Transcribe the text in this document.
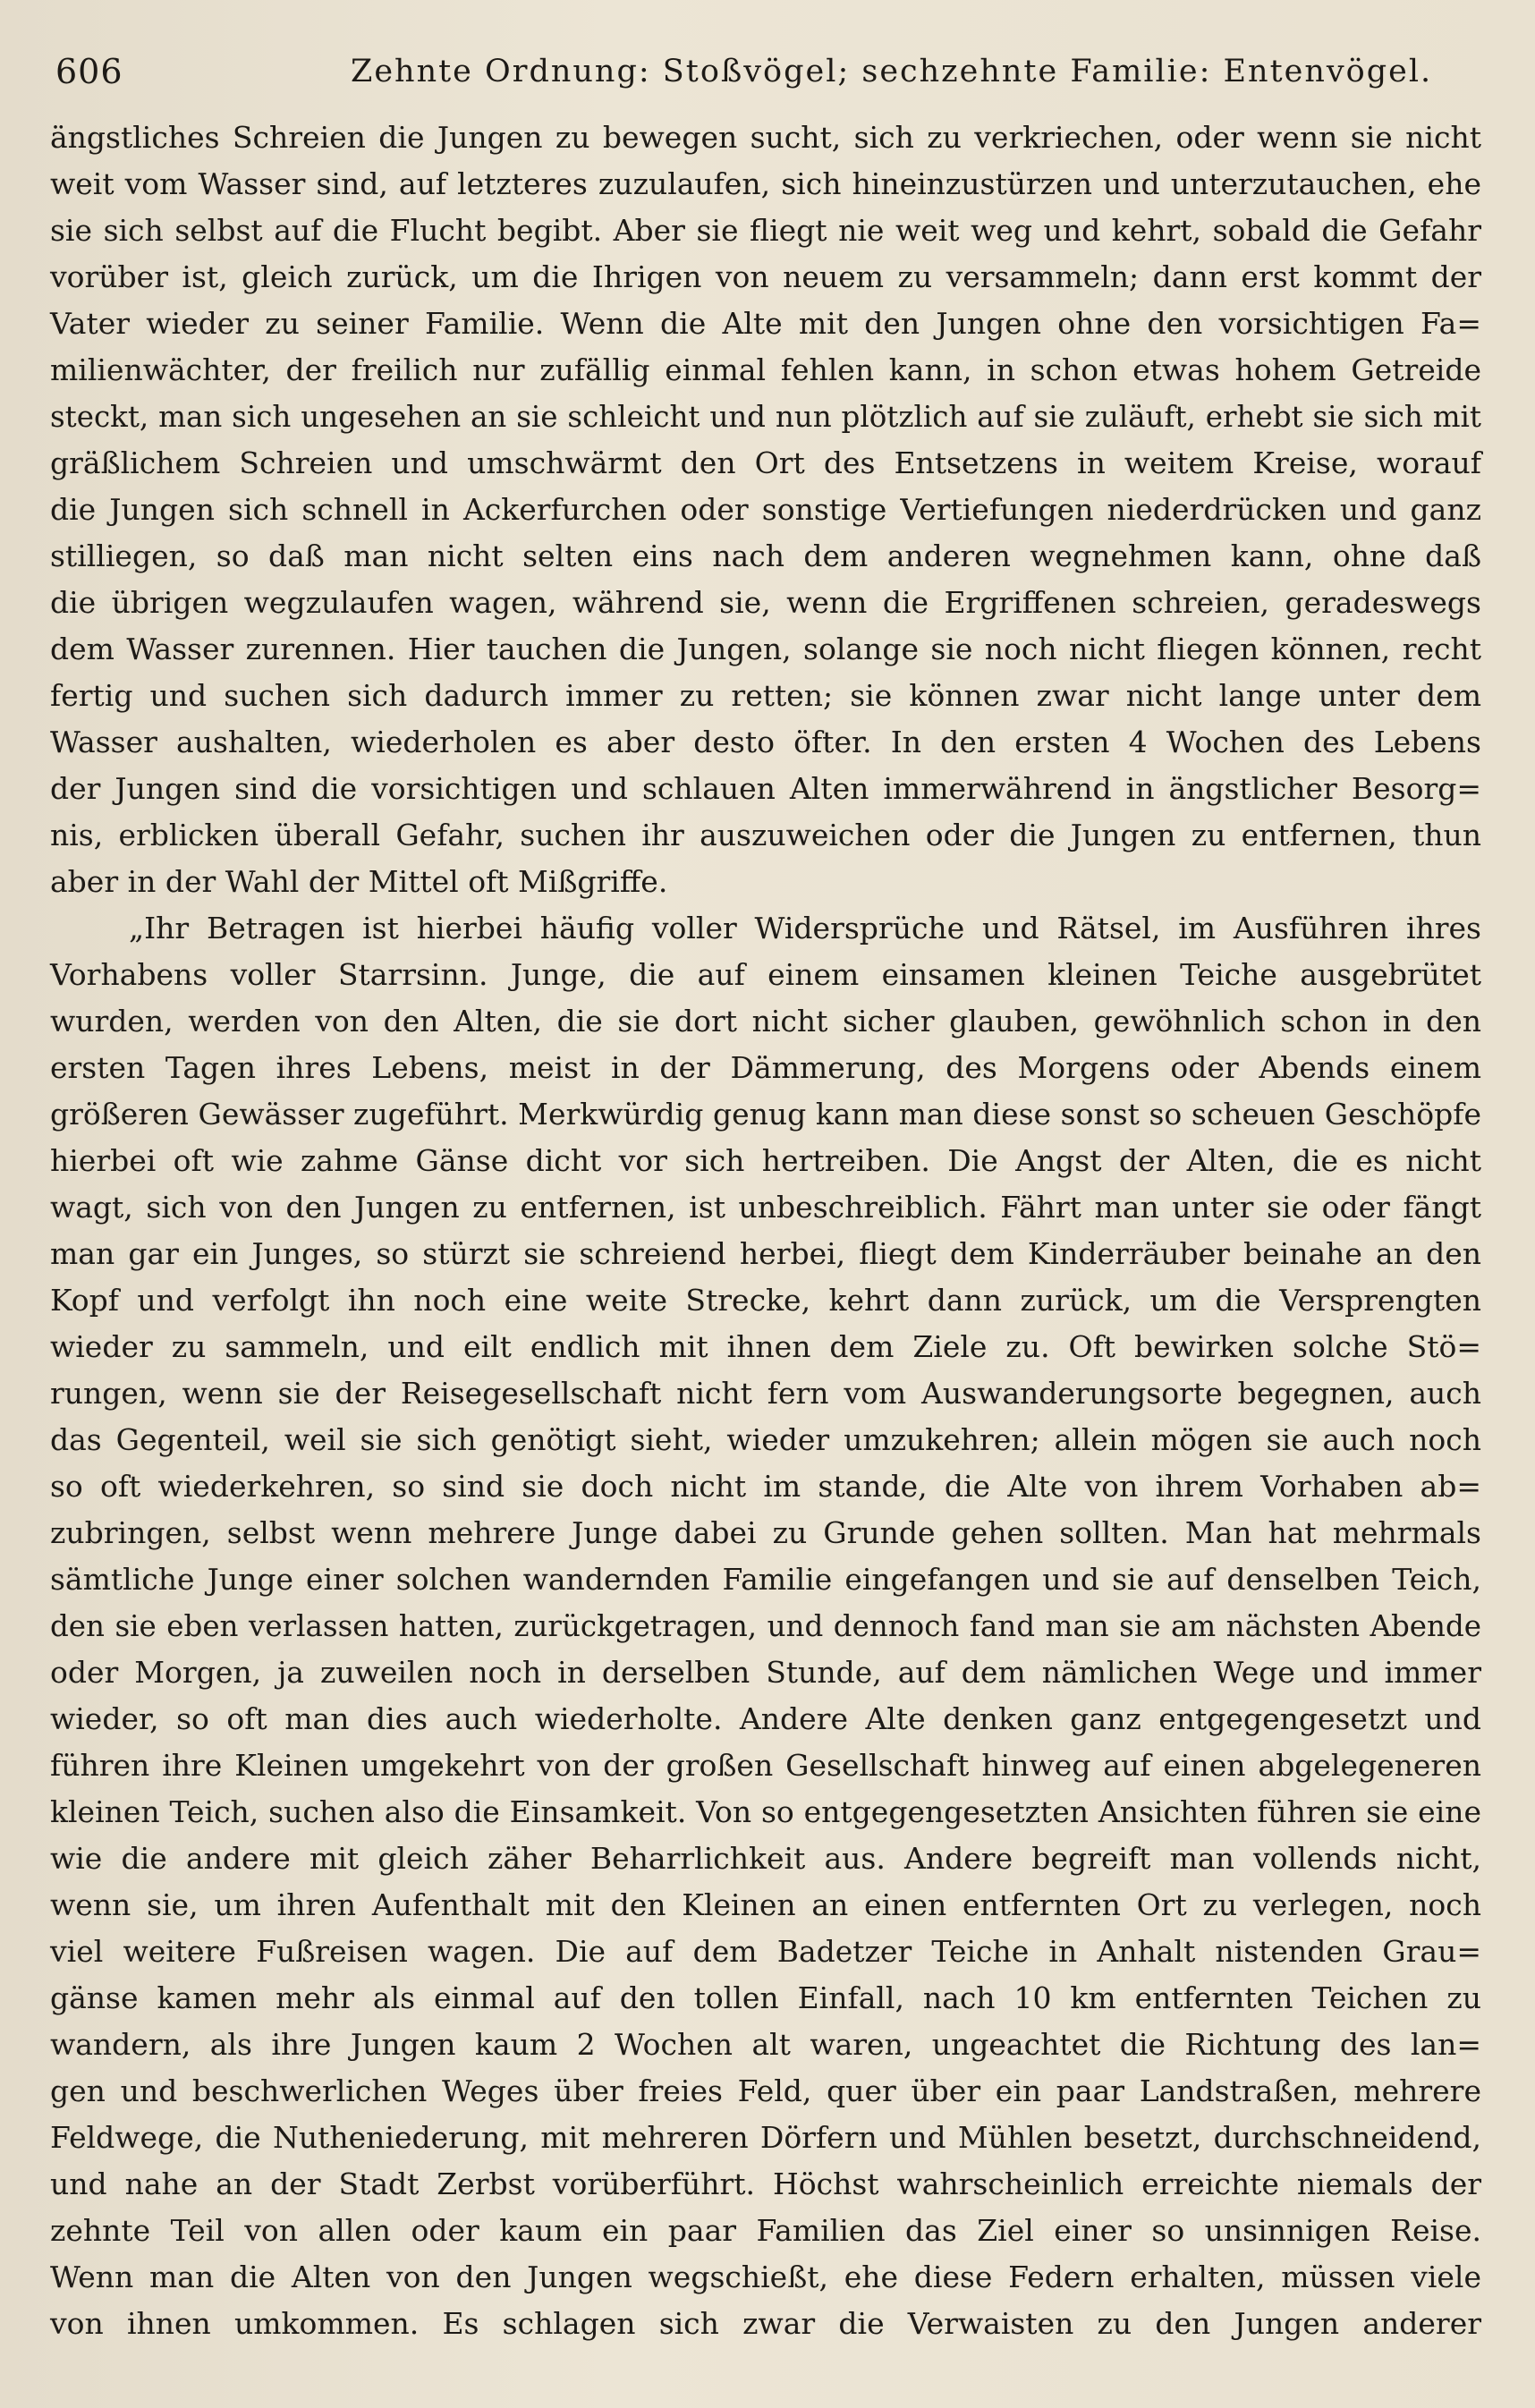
606	Zehnte Ordnung: Stoßvögel; sechzehnte Familie: Entenvögel.

ängstliches Schreien die Jungen zu bewegen sucht, sich zu verkriechen, oder wenn sie nicht
weit vom Wasser sind, auf letzteres zuzulaufen, sich hineinzustürzen und unterzutauchen, ehe
sie sich selbst auf die Flucht begibt. Aber sie fliegt nie weit weg und kehrt, sobald die Gefahr
vorüber ist, gleich zurück, um die Ihrigen von neuem zu versammeln; dann erst kommt der
Vater wieder zu seiner Familie. Wenn die Alte mit den Jungen ohne den vorsichtigen Fa=
milienwächter, der freilich nur zufällig einmal fehlen kann, in schon etwas hohem Getreide
steckt, man sich ungesehen an sie schleicht und nun plötzlich auf sie zuläuft, erhebt sie sich mit
gräßlichem Schreien und umschwärmt den Ort des Entsetzens in weitem Kreise, worauf
die Jungen sich schnell in Ackerfurchen oder sonstige Vertiefungen niederdrücken und ganz
stilliegen, so daß man nicht selten eins nach dem anderen wegnehmen kann, ohne daß
die übrigen wegzulaufen wagen, während sie, wenn die Ergriffenen schreien, geradeswegs
dem Wasser zurennen. Hier tauchen die Jungen, solange sie noch nicht fliegen können, recht
fertig und suchen sich dadurch immer zu retten; sie können zwar nicht lange unter dem
Wasser aushalten, wiederholen es aber desto öfter. In den ersten 4 Wochen des Lebens
der Jungen sind die vorsichtigen und schlauen Alten immerwährend in ängstlicher Besorg=
nis, erblicken überall Gefahr, suchen ihr auszuweichen oder die Jungen zu entfernen, thun
aber in der Wahl der Mittel oft Mißgriffe.

„Ihr Betragen ist hierbei häufig voller Widersprüche und Rätsel, im Ausführen ihres
Vorhabens voller Starrsinn. Junge, die auf einem einsamen kleinen Teiche ausgebrütet
wurden, werden von den Alten, die sie dort nicht sicher glauben, gewöhnlich schon in den
ersten Tagen ihres Lebens, meist in der Dämmerung, des Morgens oder Abends einem
größeren Gewässer zugeführt. Merkwürdig genug kann man diese sonst so scheuen Geschöpfe
hierbei oft wie zahme Gänse dicht vor sich hertreiben. Die Angst der Alten, die es nicht
wagt, sich von den Jungen zu entfernen, ist unbeschreiblich. Fährt man unter sie oder fängt
man gar ein Junges, so stürzt sie schreiend herbei, fliegt dem Kinderräuber beinahe an den
Kopf und verfolgt ihn noch eine weite Strecke, kehrt dann zurück, um die Versprengten
wieder zu sammeln, und eilt endlich mit ihnen dem Ziele zu. Oft bewirken solche Stö=
rungen, wenn sie der Reisegesellschaft nicht fern vom Auswanderungsorte begegnen, auch
das Gegenteil, weil sie sich genötigt sieht, wieder umzukehren; allein mögen sie auch noch
so oft wiederkehren, so sind sie doch nicht im stande, die Alte von ihrem Vorhaben ab=
zubringen, selbst wenn mehrere Junge dabei zu Grunde gehen sollten. Man hat mehrmals
sämtliche Junge einer solchen wandernden Familie eingefangen und sie auf denselben Teich,
den sie eben verlassen hatten, zurückgetragen, und dennoch fand man sie am nächsten Abende
oder Morgen, ja zuweilen noch in derselben Stunde, auf dem nämlichen Wege und immer
wieder, so oft man dies auch wiederholte. Andere Alte denken ganz entgegengesetzt und
führen ihre Kleinen umgekehrt von der großen Gesellschaft hinweg auf einen abgelegeneren
kleinen Teich, suchen also die Einsamkeit. Von so entgegengesetzten Ansichten führen sie eine
wie die andere mit gleich zäher Beharrlichkeit aus. Andere begreift man vollends nicht,
wenn sie, um ihren Aufenthalt mit den Kleinen an einen entfernten Ort zu verlegen, noch
viel weitere Fußreisen wagen. Die auf dem Badetzer Teiche in Anhalt nistenden Grau=
gänse kamen mehr als einmal auf den tollen Einfall, nach 10 km entfernten Teichen zu
wandern, als ihre Jungen kaum 2 Wochen alt waren, ungeachtet die Richtung des lan=
gen und beschwerlichen Weges über freies Feld, quer über ein paar Landstraßen, mehrere
Feldwege, die Nutheniederung, mit mehreren Dörfern und Mühlen besetzt, durchschneidend,
und nahe an der Stadt Zerbst vorüberführt. Höchst wahrscheinlich erreichte niemals der
zehnte Teil von allen oder kaum ein paar Familien das Ziel einer so unsinnigen Reise.
Wenn man die Alten von den Jungen wegschießt, ehe diese Federn erhalten, müssen viele
von ihnen umkommen. Es schlagen sich zwar die Verwaisten zu den Jungen anderer
